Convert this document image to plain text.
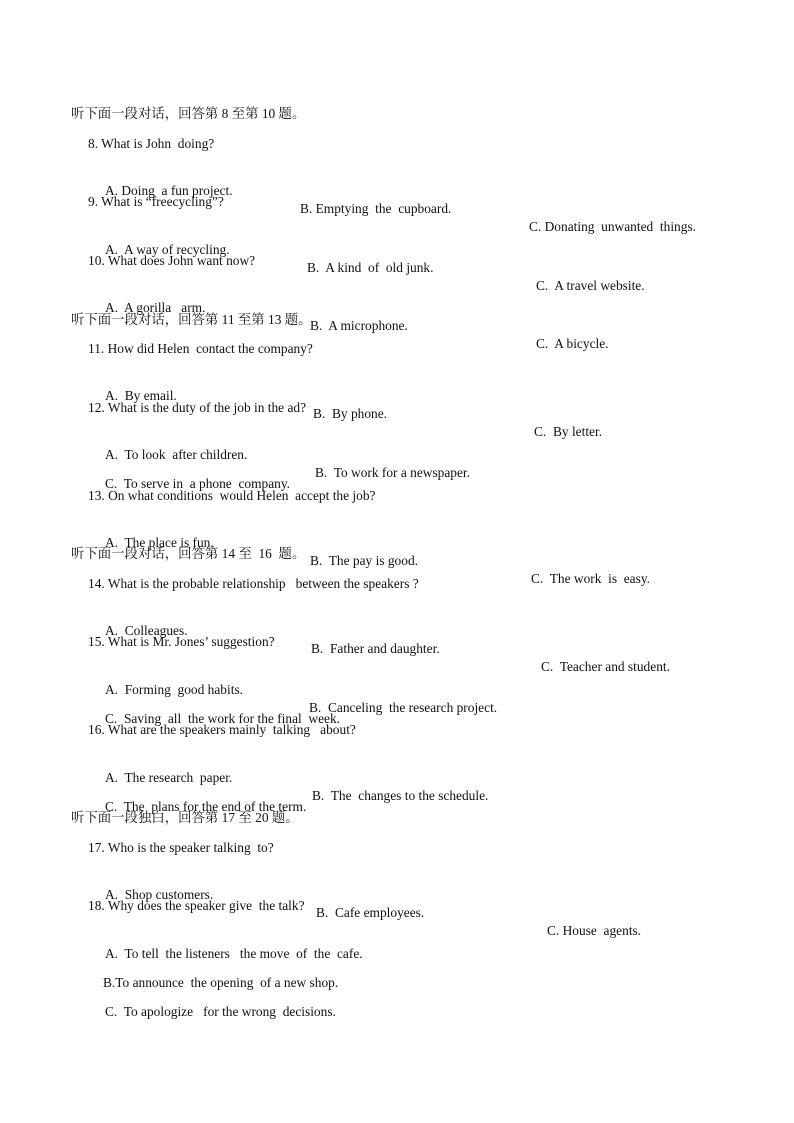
听下面一段对话，回答第 8 至第 10 题。
8. What is John  doing?

A. Doing  a fun project.

B. Emptying  the  cupboard.

C. Donating  unwanted  things.

9. What is “freecycling”?

A.  A way of recycling.

B.  A kind  of  old junk.

C.  A travel website.

10. What does John want now?

A.  A gorilla   arm.

B.  A microphone.

C.  A bicycle.

听下面一段对话，回答第 11 至第 13 题。
11. How did Helen  contact the company?

A.  By email.

B.  By phone.

C.  By letter.

12. What is the duty of the job in the ad?

A.  To look  after children.

B.  To work for a newspaper.

C.  To serve in  a phone  company.

13. On what conditions  would Helen  accept the job?

A.  The place is fun.

B.  The pay is good.

C.  The work  is  easy.

听下面一段对话，回答第 14 至  16  题。
14. What is the probable relationship   between the speakers ?

A.  Colleagues.

B.  Father and daughter.

C.  Teacher and student.

15. What is Mr. Jones’ suggestion?

A.  Forming  good habits.

B.  Canceling  the research project.

C.  Saving  all  the work for the final  week.

16. What are the speakers mainly  talking   about?

A.  The research  paper.

B.  The  changes to the schedule.

C.  The  plans for the end of the term.

听下面一段独白，回答第 17 至 20 题。
17. Who is the speaker talking  to?

A.  Shop customers.

B.  Cafe employees.

C. House  agents.

18. Why does the speaker give  the talk?

A.  To tell  the listeners   the move  of  the  cafe.

B.To announce  the opening  of a new shop.

C.  To apologize   for the wrong  decisions.
